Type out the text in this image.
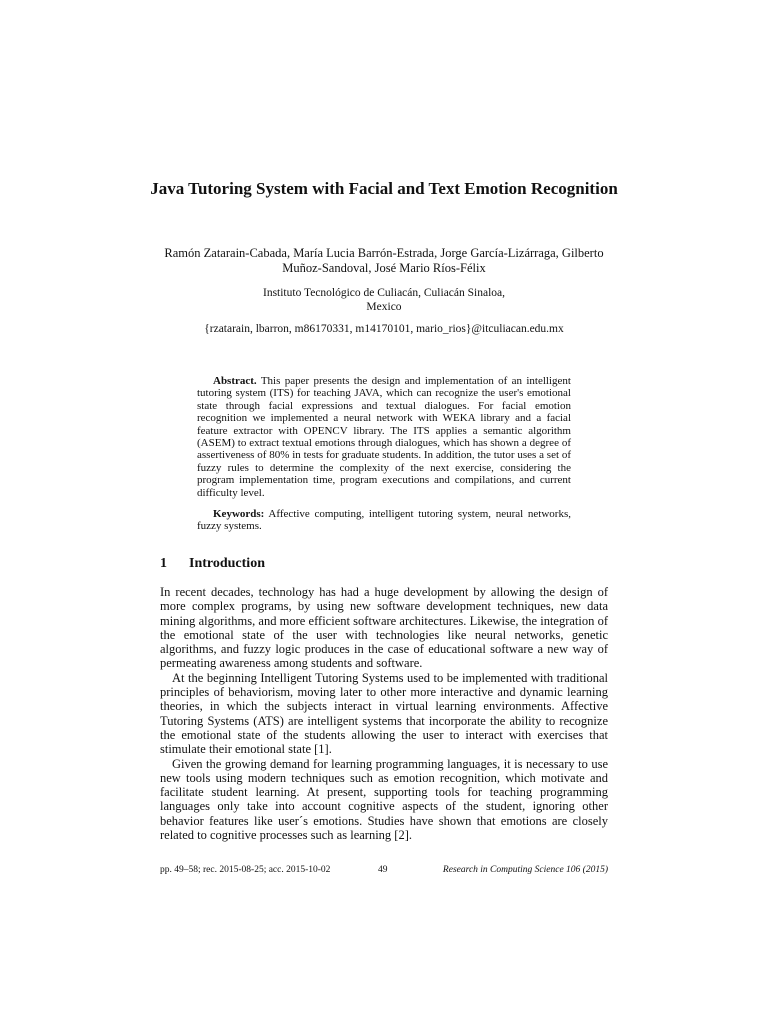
Java Tutoring System with Facial and Text Emotion Recognition
Ramón Zatarain-Cabada, María Lucia Barrón-Estrada, Jorge García-Lizárraga, Gilberto Muñoz-Sandoval, José Mario Ríos-Félix
Instituto Tecnológico de Culiacán, Culiacán Sinaloa,
Mexico
{rzatarain, lbarron, m86170331, m14170101, mario_rios}@itculiacan.edu.mx
Abstract. This paper presents the design and implementation of an intelligent tutoring system (ITS) for teaching JAVA, which can recognize the user's emotional state through facial expressions and textual dialogues. For facial emotion recognition we implemented a neural network with WEKA library and a facial feature extractor with OPENCV library. The ITS applies a semantic algorithm (ASEM) to extract textual emotions through dialogues, which has shown a degree of assertiveness of 80% in tests for graduate students. In addition, the tutor uses a set of fuzzy rules to determine the complexity of the next exercise, considering the program implementation time, program executions and compilations, and current difficulty level.
Keywords: Affective computing, intelligent tutoring system, neural networks, fuzzy systems.
1 Introduction

In recent decades, technology has had a huge development by allowing the design of more complex programs, by using new software development techniques, new data mining algorithms, and more efficient software architectures. Likewise, the integration of the emotional state of the user with technologies like neural networks, genetic algorithms, and fuzzy logic produces in the case of educational software a new way of permeating awareness among students and software.

At the beginning Intelligent Tutoring Systems used to be implemented with traditional principles of behaviorism, moving later to other more interactive and dynamic learning theories, in which the subjects interact in virtual learning environments. Affective Tutoring Systems (ATS) are intelligent systems that incorporate the ability to recognize the emotional state of the students allowing the user to interact with exercises that stimulate their emotional state [1].

Given the growing demand for learning programming languages, it is necessary to use new tools using modern techniques such as emotion recognition, which motivate and facilitate student learning. At present, supporting tools for teaching programming languages only take into account cognitive aspects of the student, ignoring other behavior features like user´s emotions. Studies have shown that emotions are closely related to cognitive processes such as learning [2].

pp. 49–58; rec. 2015-08-25; acc. 2015-10-02	49	Research in Computing Science 106 (2015)
